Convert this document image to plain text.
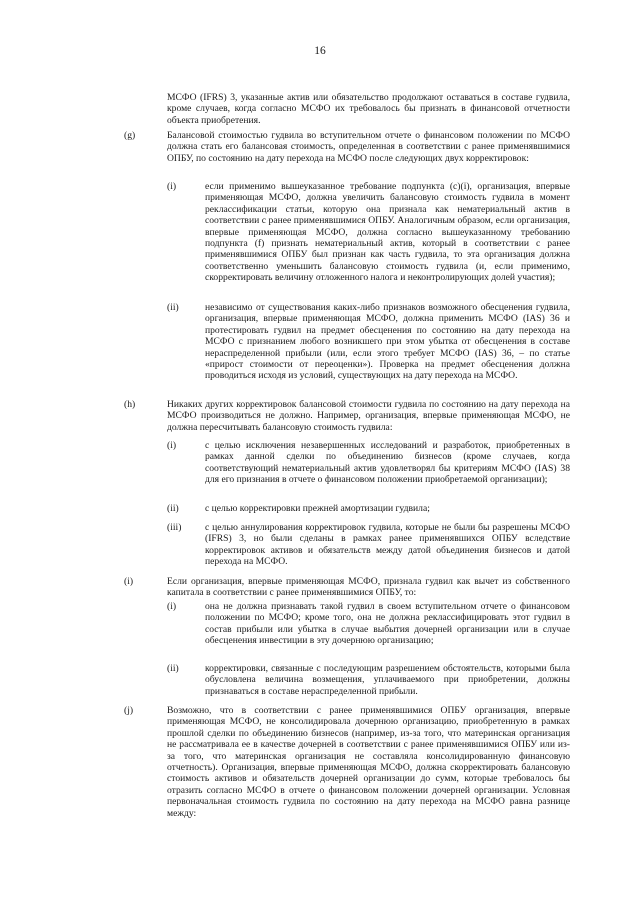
16
МСФО (IFRS) 3, указанные актив или обязательство продолжают оставаться в составе гудвила, кроме случаев, когда согласно МСФО их требовалось бы признать в финансовой отчетности объекта приобретения.
(g)	Балансовой стоимостью гудвила во вступительном отчете о финансовом положении по МСФО должна стать его балансовая стоимость, определенная в соответствии с ранее применявшимися ОПБУ, по состоянию на дату перехода на МСФО после следующих двух корректировок:
(i)	если применимо вышеуказанное требование подпункта (с)(i), организация, впервые применяющая МСФО, должна увеличить балансовую стоимость гудвила в момент реклассификации статьи, которую она признала как нематериальный актив в соответствии с ранее применявшимися ОПБУ. Аналогичным образом, если организация, впервые применяющая МСФО, должна согласно вышеуказанному требованию подпункта (f) признать нематериальный актив, который в соответствии с ранее применявшимися ОПБУ был признан как часть гудвила, то эта организация должна соответственно уменьшить балансовую стоимость гудвила (и, если применимо, скорректировать величину отложенного налога и неконтролирующих долей участия);
(ii)	независимо от существования каких-либо признаков возможного обесценения гудвила, организация, впервые применяющая МСФО, должна применить МСФО (IAS) 36 и протестировать гудвил на предмет обесценения по состоянию на дату перехода на МСФО с признанием любого возникшего при этом убытка от обесценения в составе нераспределенной прибыли (или, если этого требует МСФО (IAS) 36, – по статье «прирост стоимости от переоценки»). Проверка на предмет обесценения должна проводиться исходя из условий, существующих на дату перехода на МСФО.
(h)	Никаких других корректировок балансовой стоимости гудвила по состоянию на дату перехода на МСФО производиться не должно. Например, организация, впервые применяющая МСФО, не должна пересчитывать балансовую стоимость гудвила:
(i)	с целью исключения незавершенных исследований и разработок, приобретенных в рамках данной сделки по объединению бизнесов (кроме случаев, когда соответствующий нематериальный актив удовлетворял бы критериям МСФО (IAS) 38 для его признания в отчете о финансовом положении приобретаемой организации);
(ii)	с целью корректировки прежней амортизации гудвила;
(iii) с целью аннулирования корректировок гудвила, которые не были бы разрешены МСФО (IFRS) 3, но были сделаны в рамках ранее применявшихся ОПБУ вследствие корректировок активов и обязательств между датой объединения бизнесов и датой перехода на МСФО.
(i)	Если организация, впервые применяющая МСФО, признала гудвил как вычет из собственного капитала в соответствии с ранее применявшимися ОПБУ, то:
(i)	она не должна признавать такой гудвил в своем вступительном отчете о финансовом положении по МСФО; кроме того, она не должна реклассифицировать этот гудвил в состав прибыли или убытка в случае выбытия дочерней организации или в случае обесценения инвестиции в эту дочернюю организацию;
(ii)	корректировки, связанные с последующим разрешением обстоятельств, которыми была обусловлена величина возмещения, уплачиваемого при приобретении, должны признаваться в составе нераспределенной прибыли.
(j)	Возможно, что в соответствии с ранее применявшимися ОПБУ организация, впервые применяющая МСФО, не консолидировала дочернюю организацию, приобретенную в рамках прошлой сделки по объединению бизнесов (например, из-за того, что материнская организация не рассматривала ее в качестве дочерней в соответствии с ранее применявшимися ОПБУ или из-за того, что материнская организация не составляла консолидированную финансовую отчетность). Организация, впервые применяющая МСФО, должна скорректировать балансовую стоимость активов и обязательств дочерней организации до сумм, которые требовалось бы отразить согласно МСФО в отчете о финансовом положении дочерней организации. Условная первоначальная стоимость гудвила по состоянию на дату перехода на МСФО равна разнице между:
